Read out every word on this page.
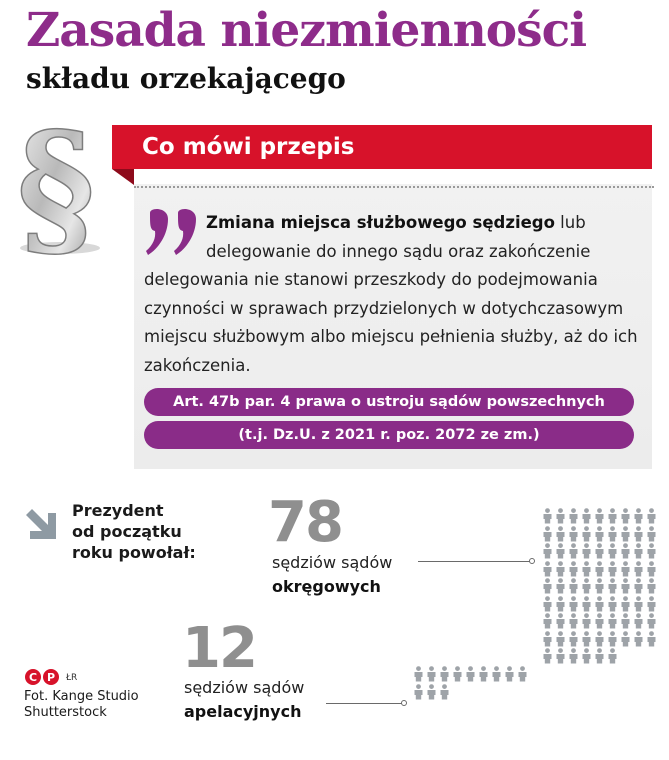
Zasada niezmienności
składu orzekającego
Co mówi przepis
§	Zmiana miejsca służbowego sędziego lub delegowanie do innego sądu oraz zakończenie delegowania nie stanowi przeszkody do podejmowania czynności w sprawach przydzielonych w dotychczasowym miejscu służbowym albo miejscu pełnienia służby, aż do ich zakończenia.

Art. 47b par. 4 prawa o ustroju sądów powszechnych
(t.j. Dz.U. z 2021 r. poz. 2072 ze zm.)

Prezydent
od początku
roku powołał: 78
sędziów sądów
okręgowych
12
sędziów sądów
apelacyjnych
C P ŁR

Fot. Kange Studio
Shutterstock
